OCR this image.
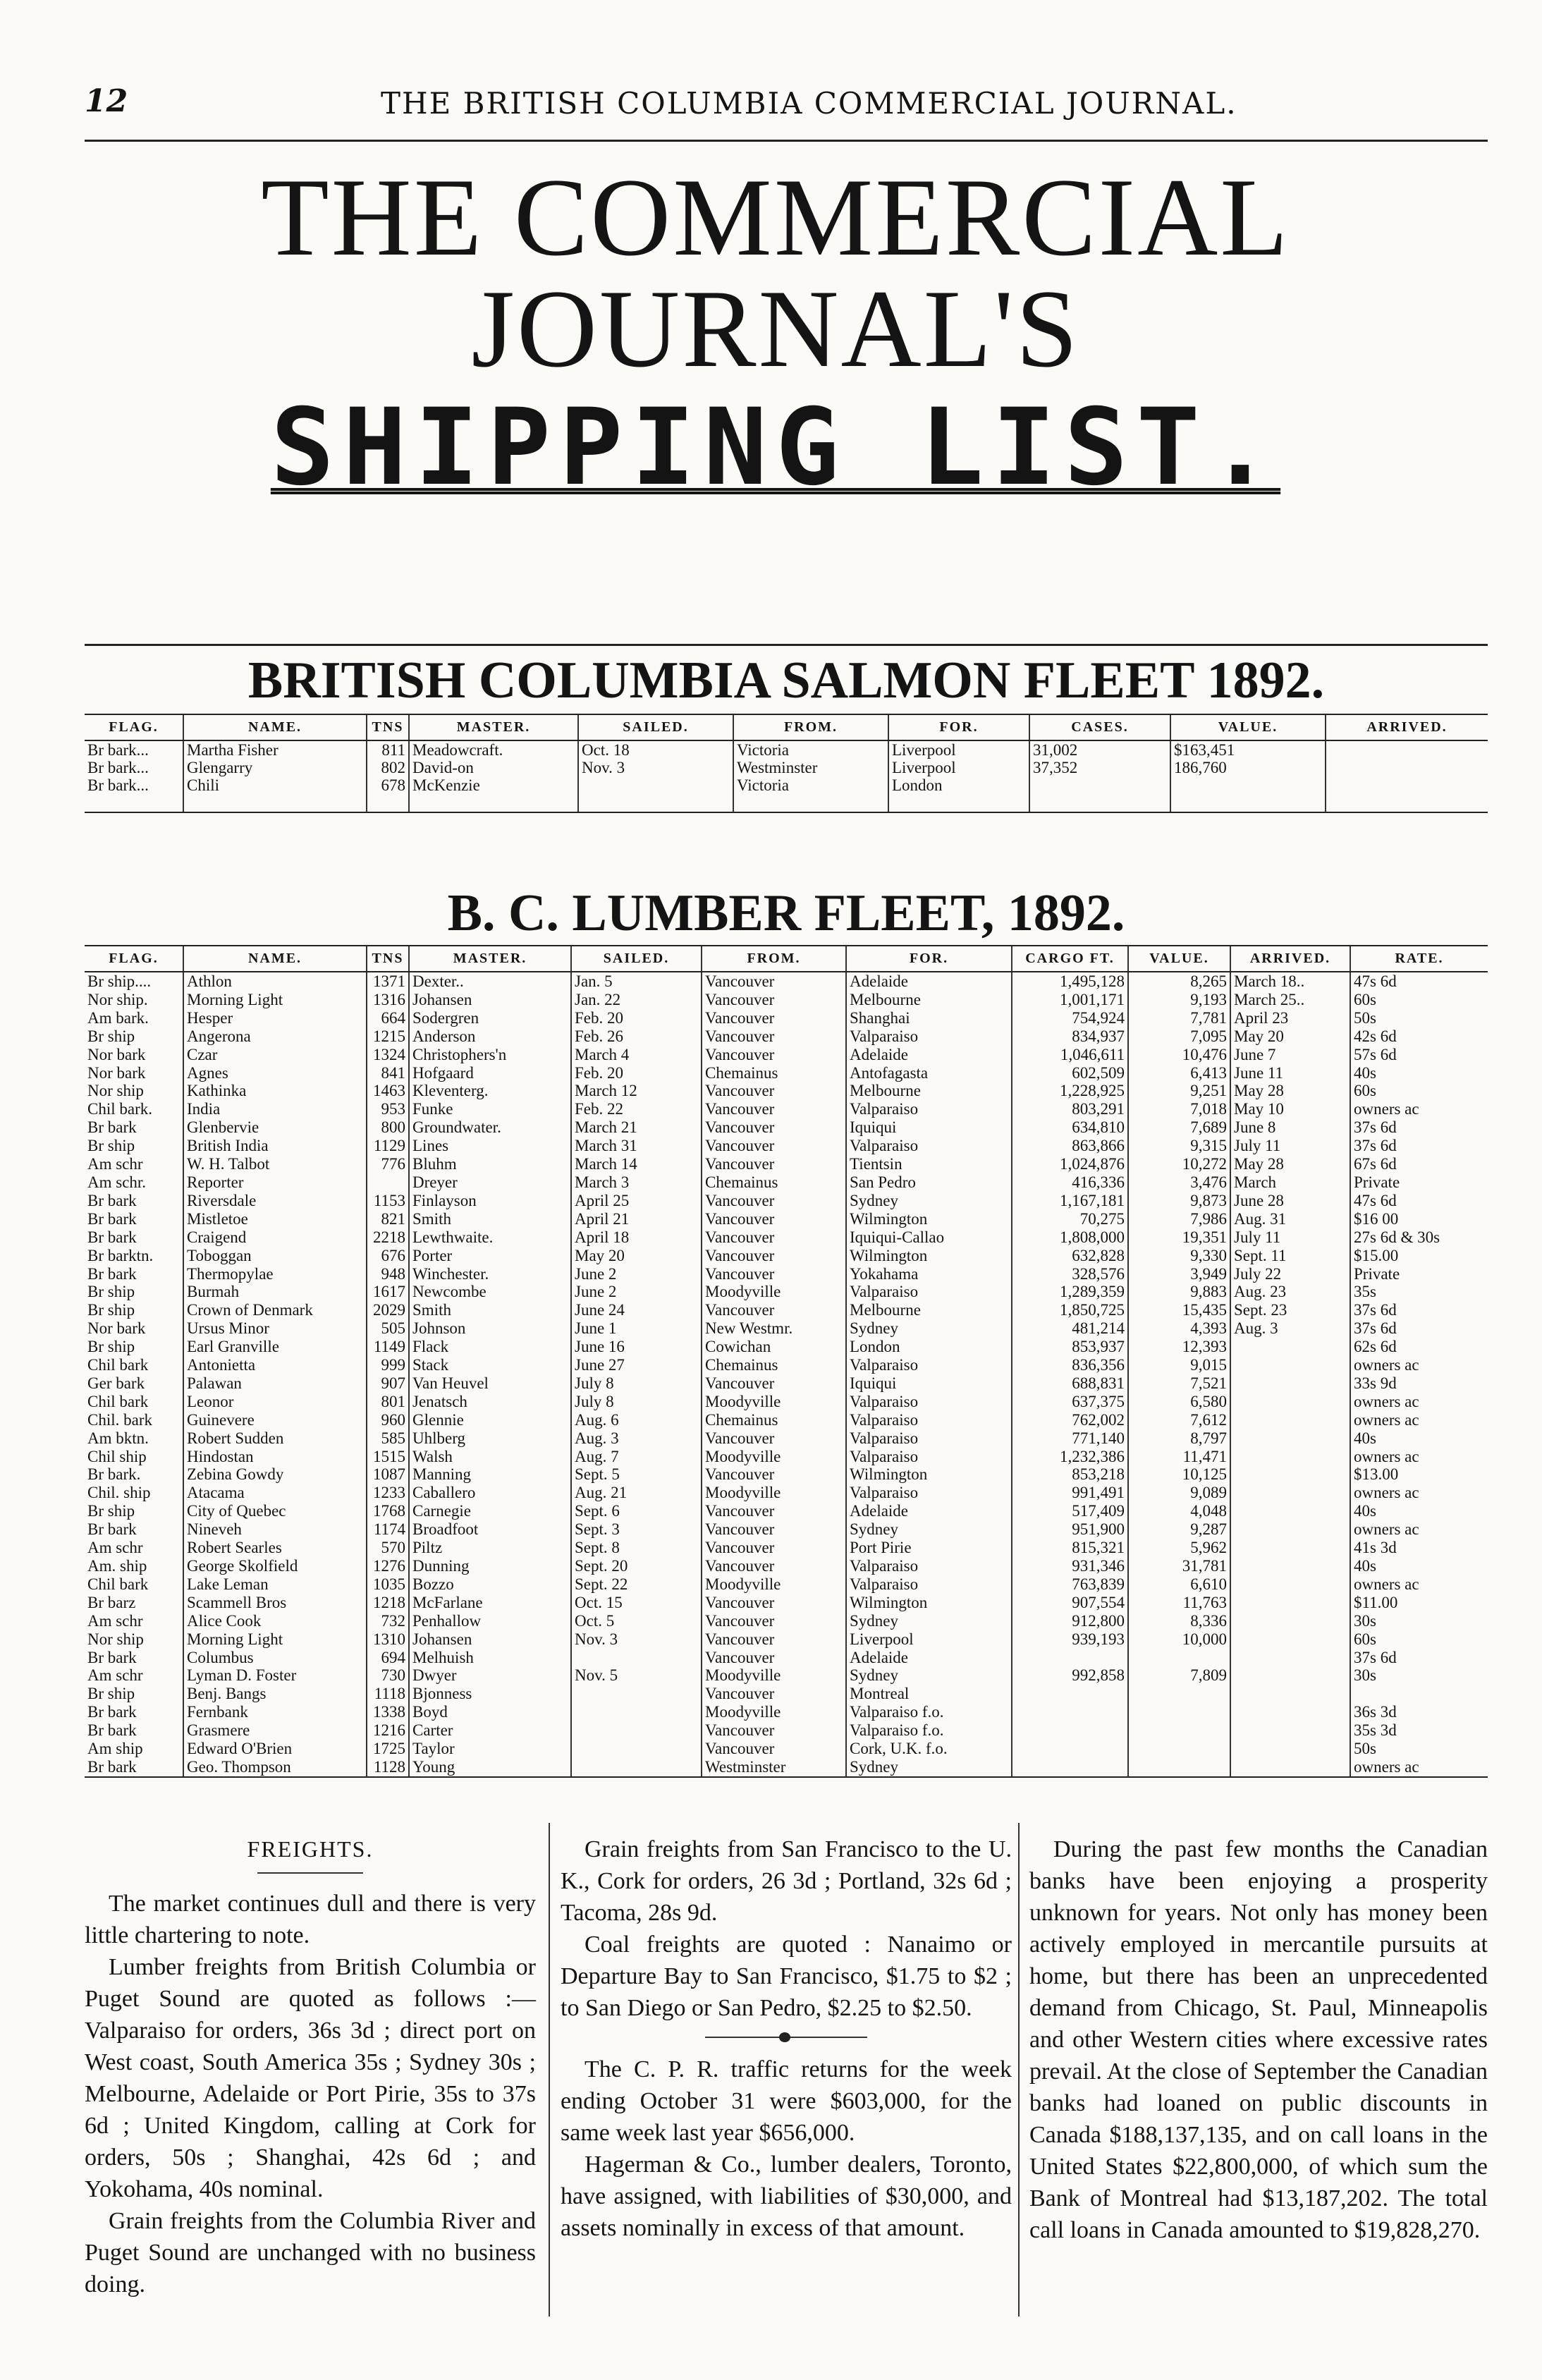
12	THE BRITISH COLUMBIA COMMERCIAL JOURNAL.
THE COMMERCIAL JOURNAL'S
SHIPPING LIST.
BRITISH COLUMBIA SALMON FLEET 1892.
FLAG.	NAME.	TNS	MASTER.	SAILED.	FROM.	FOR.	CASES.	VALUE.	ARRIVED.
Br bark...	Martha Fisher	811	Meadowcraft.	Oct. 18	Victoria	Liverpool	31,002	$163,451	
Br bark...	Glengarry	802	David-on	Nov. 3	Westminster	Liverpool	37,352	186,760	
Br bark...	Chili	678	McKenzie		Victoria	London			

B. C. LUMBER FLEET, 1892.
FLAG.	NAME.	TNS	MASTER.	SAILED.	FROM.	FOR.	CARGO FT.	VALUE.	ARRIVED.	RATE.
Br ship....	Athlon	1371	Dexter..	Jan. 5	Vancouver	Adelaide	1,495,128	8,265	March 18..	47s 6d
Nor ship.	Morning Light	1316	Johansen	Jan. 22	Vancouver	Melbourne	1,001,171	9,193	March 25..	60s
Am bark.	Hesper	664	Sodergren	Feb. 20	Vancouver	Shanghai	754,924	7,781	April 23	50s
Br ship	Angerona	1215	Anderson	Feb. 26	Vancouver	Valparaiso	834,937	7,095	May 20	42s 6d
Nor bark	Czar	1324	Christophers'n	March 4	Vancouver	Adelaide	1,046,611	10,476	June 7	57s 6d
Nor bark	Agnes	841	Hofgaard	Feb. 20	Chemainus	Antofagasta	602,509	6,413	June 11	40s
Nor ship	Kathinka	1463	Kleventerg.	March 12	Vancouver	Melbourne	1,228,925	9,251	May 28	60s
Chil bark.	India	953	Funke	Feb. 22	Vancouver	Valparaiso	803,291	7,018	May 10	owners ac
Br bark	Glenbervie	800	Groundwater.	March 21	Vancouver	Iquiqui	634,810	7,689	June 8	37s 6d
Br ship	British India	1129	Lines	March 31	Vancouver	Valparaiso	863,866	9,315	July 11	37s 6d
Am schr	W. H. Talbot	776	Bluhm	March 14	Vancouver	Tientsin	1,024,876	10,272	May 28	67s 6d
Am schr.	Reporter		Dreyer	March 3	Chemainus	San Pedro	416,336	3,476	March	Private
Br bark	Riversdale	1153	Finlayson	April 25	Vancouver	Sydney	1,167,181	9,873	June 28	47s 6d
Br bark	Mistletoe	821	Smith	April 21	Vancouver	Wilmington	70,275	7,986	Aug. 31	$16 00
Br bark	Craigend	2218	Lewthwaite.	April 18	Vancouver	Iquiqui-Callao	1,808,000	19,351	July 11	27s 6d & 30s
Br barktn.	Toboggan	676	Porter	May 20	Vancouver	Wilmington	632,828	9,330	Sept. 11	$15.00
Br bark	Thermopylae	948	Winchester.	June 2	Vancouver	Yokahama	328,576	3,949	July 22	Private
Br ship	Burmah	1617	Newcombe	June 2	Moodyville	Valparaiso	1,289,359	9,883	Aug. 23	35s
Br ship	Crown of Denmark	2029	Smith	June 24	Vancouver	Melbourne	1,850,725	15,435	Sept. 23	37s 6d
Nor bark	Ursus Minor	505	Johnson	June 1	New Westmr.	Sydney	481,214	4,393	Aug. 3	37s 6d
Br ship	Earl Granville	1149	Flack	June 16	Cowichan	London	853,937	12,393		62s 6d
Chil bark	Antonietta	999	Stack	June 27	Chemainus	Valparaiso	836,356	9,015		owners ac
Ger bark	Palawan	907	Van Heuvel	July 8	Vancouver	Iquiqui	688,831	7,521		33s 9d
Chil bark	Leonor	801	Jenatsch	July 8	Moodyville	Valparaiso	637,375	6,580		owners ac
Chil. bark	Guinevere	960	Glennie	Aug. 6	Chemainus	Valparaiso	762,002	7,612		owners ac
Am bktn.	Robert Sudden	585	Uhlberg	Aug. 3	Vancouver	Valparaiso	771,140	8,797		40s
Chil ship	Hindostan	1515	Walsh	Aug. 7	Moodyville	Valparaiso	1,232,386	11,471		owners ac
Br bark.	Zebina Gowdy	1087	Manning	Sept. 5	Vancouver	Wilmington	853,218	10,125		$13.00
Chil. ship	Atacama	1233	Caballero	Aug. 21	Moodyville	Valparaiso	991,491	9,089		owners ac
Br ship	City of Quebec	1768	Carnegie	Sept. 6	Vancouver	Adelaide	517,409	4,048		40s
Br bark	Nineveh	1174	Broadfoot	Sept. 3	Vancouver	Sydney	951,900	9,287		owners ac
Am schr	Robert Searles	570	Piltz	Sept. 8	Vancouver	Port Pirie	815,321	5,962		41s 3d
Am. ship	George Skolfield	1276	Dunning	Sept. 20	Vancouver	Valparaiso	931,346	31,781		40s
Chil bark	Lake Leman	1035	Bozzo	Sept. 22	Moodyville	Valparaiso	763,839	6,610		owners ac
Br barz	Scammell Bros	1218	McFarlane	Oct. 15	Vancouver	Wilmington	907,554	11,763		$11.00
Am schr	Alice Cook	732	Penhallow	Oct. 5	Vancouver	Sydney	912,800	8,336		30s
Nor ship	Morning Light	1310	Johansen	Nov. 3	Vancouver	Liverpool	939,193	10,000		60s
Br bark	Columbus	694	Melhuish		Vancouver	Adelaide				37s 6d
Am schr	Lyman D. Foster	730	Dwyer	Nov. 5	Moodyville	Sydney	992,858	7,809		30s
Br ship	Benj. Bangs	1118	Bjonness		Vancouver	Montreal				
Br bark	Fernbank	1338	Boyd		Moodyville	Valparaiso f.o.				36s 3d
Br bark	Grasmere	1216	Carter		Vancouver	Valparaiso f.o.				35s 3d
Am ship	Edward O'Brien	1725	Taylor		Vancouver	Cork, U.K. f.o.				50s
Br bark	Geo. Thompson	1128	Young		Westminster	Sydney				owners ac
FREIGHTS.

The market continues dull and there is very little chartering to note.

Lumber freights from British Columbia or Puget Sound are quoted as follows :— Valparaiso for orders, 36s 3d ; direct port on West coast, South America 35s ; Sydney 30s ; Melbourne, Adelaide or Port Pirie, 35s to 37s 6d ; United Kingdom, calling at Cork for orders, 50s ; Shanghai, 42s 6d ; and Yokohama, 40s nominal.

Grain freights from the Columbia River and Puget Sound are unchanged with no business doing.

Grain freights from San Francisco to the U. K., Cork for orders, 26 3d ; Portland, 32s 6d ; Tacoma, 28s 9d.

Coal freights are quoted : Nanaimo or Departure Bay to San Francisco, $1.75 to $2 ; to San Diego or San Pedro, $2.25 to $2.50.

The C. P. R. traffic returns for the week ending October 31 were $603,000, for the same week last year $656,000.

Hagerman & Co., lumber dealers, Toronto, have assigned, with liabilities of $30,000, and assets nominally in excess of that amount.

During the past few months the Canadian banks have been enjoying a prosperity unknown for years. Not only has money been actively employed in mercantile pursuits at home, but there has been an unprecedented demand from Chicago, St. Paul, Minneapolis and other Western cities where excessive rates prevail. At the close of September the Canadian banks had loaned on public discounts in Canada $188,137,135, and on call loans in the United States $22,800,000, of which sum the Bank of Montreal had $13,187,202. The total call loans in Canada amounted to $19,828,270.
